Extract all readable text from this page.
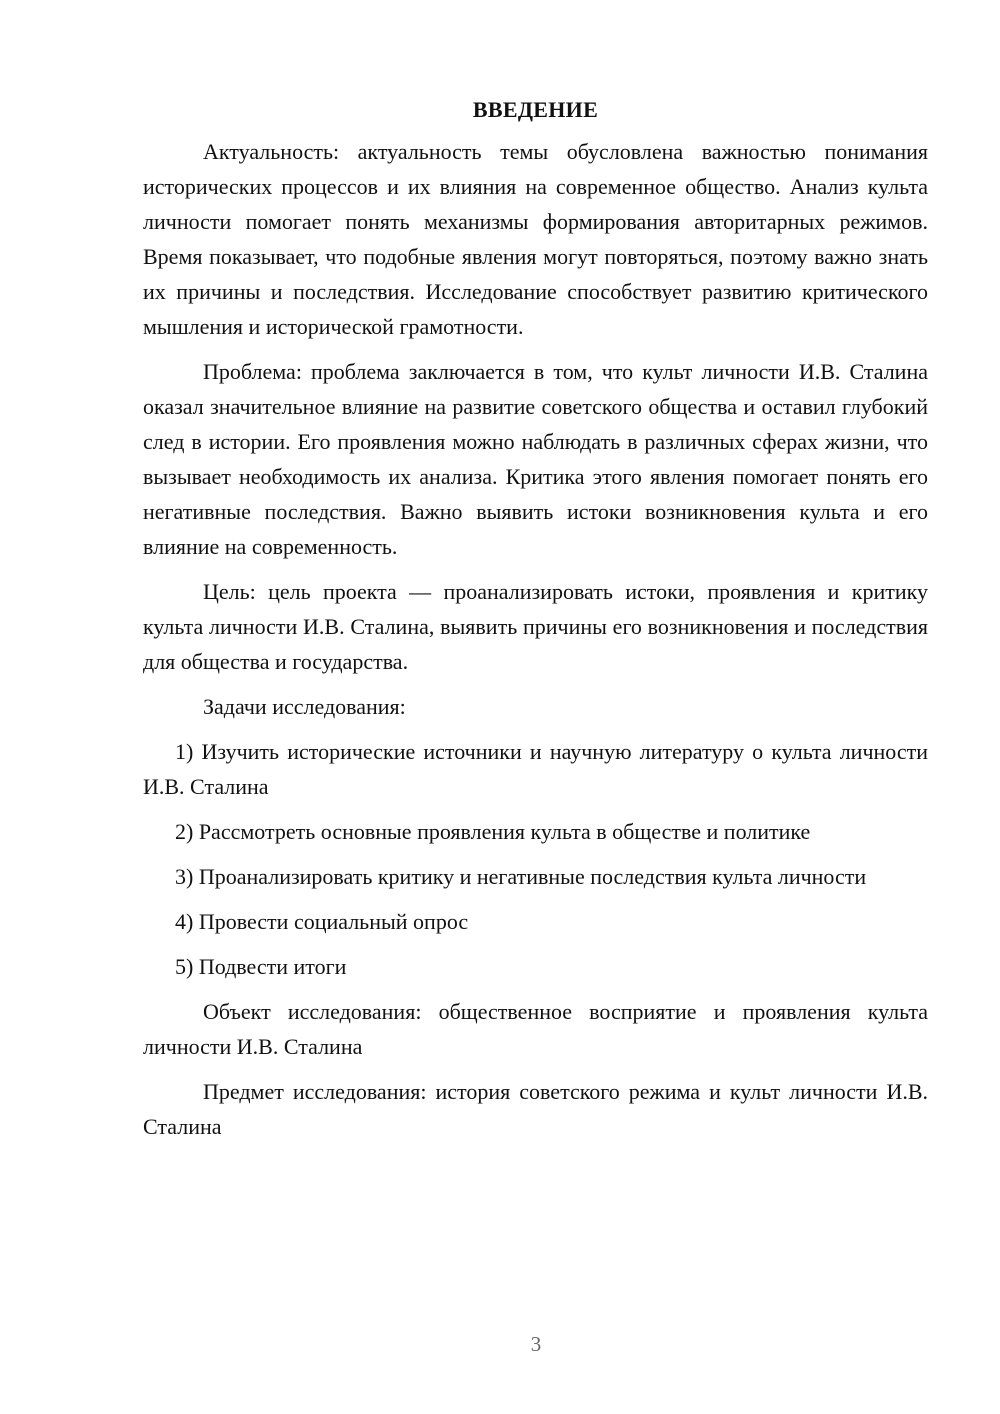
ВВЕДЕНИЕ

Актуальность: актуальность темы обусловлена важностью понимания исторических процессов и их влияния на современное общество. Анализ культа личности помогает понять механизмы формирования авторитарных режимов. Время показывает, что подобные явления могут повторяться, поэтому важно знать их причины и последствия. Исследование способствует развитию критического мышления и исторической грамотности.

Проблема: проблема заключается в том, что культ личности И.В. Сталина оказал значительное влияние на развитие советского общества и оставил глубокий след в истории. Его проявления можно наблюдать в различных сферах жизни, что вызывает необходимость их анализа. Критика этого явления помогает понять его негативные последствия. Важно выявить истоки возникновения культа и его влияние на современность.

Цель: цель проекта — проанализировать истоки, проявления и критику культа личности И.В. Сталина, выявить причины его возникновения и последствия для общества и государства.

Задачи исследования:

1) Изучить исторические источники и научную литературу о культа личности И.В. Сталина

2) Рассмотреть основные проявления культа в обществе и политике

3) Проанализировать критику и негативные последствия культа личности

4) Провести социальный опрос

5) Подвести итоги

Объект исследования: общественное восприятие и проявления культа личности И.В. Сталина

Предмет исследования: история советского режима и культ личности И.В. Сталина

3
